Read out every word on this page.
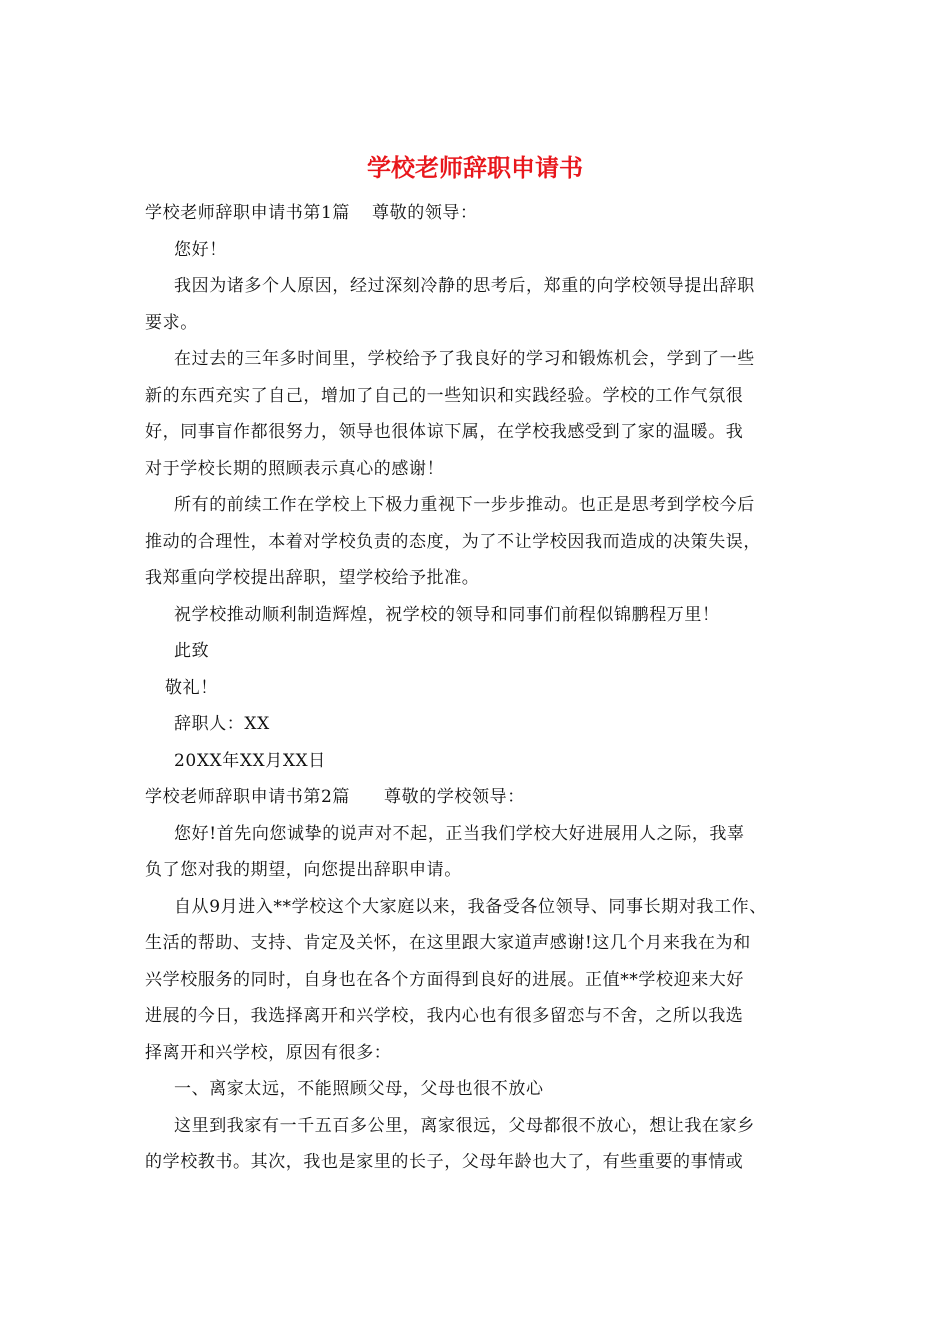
学校老师辞职申请书
学校老师辞职申请书第1篇 尊敬的领导：
您好！
我因为诸多个人原因，经过深刻冷静的思考后，郑重的向学校领导提出辞职
要求。
在过去的三年多时间里，学校给予了我良好的学习和锻炼机会，学到了一些
新的东西充实了自己，增加了自己的一些知识和实践经验。学校的工作气氛很
好，同事盲作都很努力，领导也很体谅下属，在学校我感受到了家的温暖。我
对于学校长期的照顾表示真心的感谢！
所有的前续工作在学校上下极力重视下一步步推动。也正是思考到学校今后
推动的合理性，本着对学校负责的态度，为了不让学校因我而造成的决策失误，
我郑重向学校提出辞职，望学校给予批准。
祝学校推动顺利制造辉煌，祝学校的领导和同事们前程似锦鹏程万里！
此致
敬礼！
辞职人：XX
20XX年XX月XX日
学校老师辞职申请书第2篇 尊敬的学校领导：
您好!首先向您诚挚的说声对不起，正当我们学校大好进展用人之际，我辜
负了您对我的期望，向您提出辞职申请。
自从9月进入**学校这个大家庭以来，我备受各位领导、同事长期对我工作、
生活的帮助、支持、肯定及关怀，在这里跟大家道声感谢!这几个月来我在为和
兴学校服务的同时，自身也在各个方面得到良好的进展。正值**学校迎来大好
进展的今日，我选择离开和兴学校，我内心也有很多留恋与不舍，之所以我选
择离开和兴学校，原因有很多：
一、离家太远，不能照顾父母，父母也很不放心
这里到我家有一千五百多公里，离家很远，父母都很不放心，想让我在家乡
的学校教书。其次，我也是家里的长子，父母年龄也大了，有些重要的事情或
